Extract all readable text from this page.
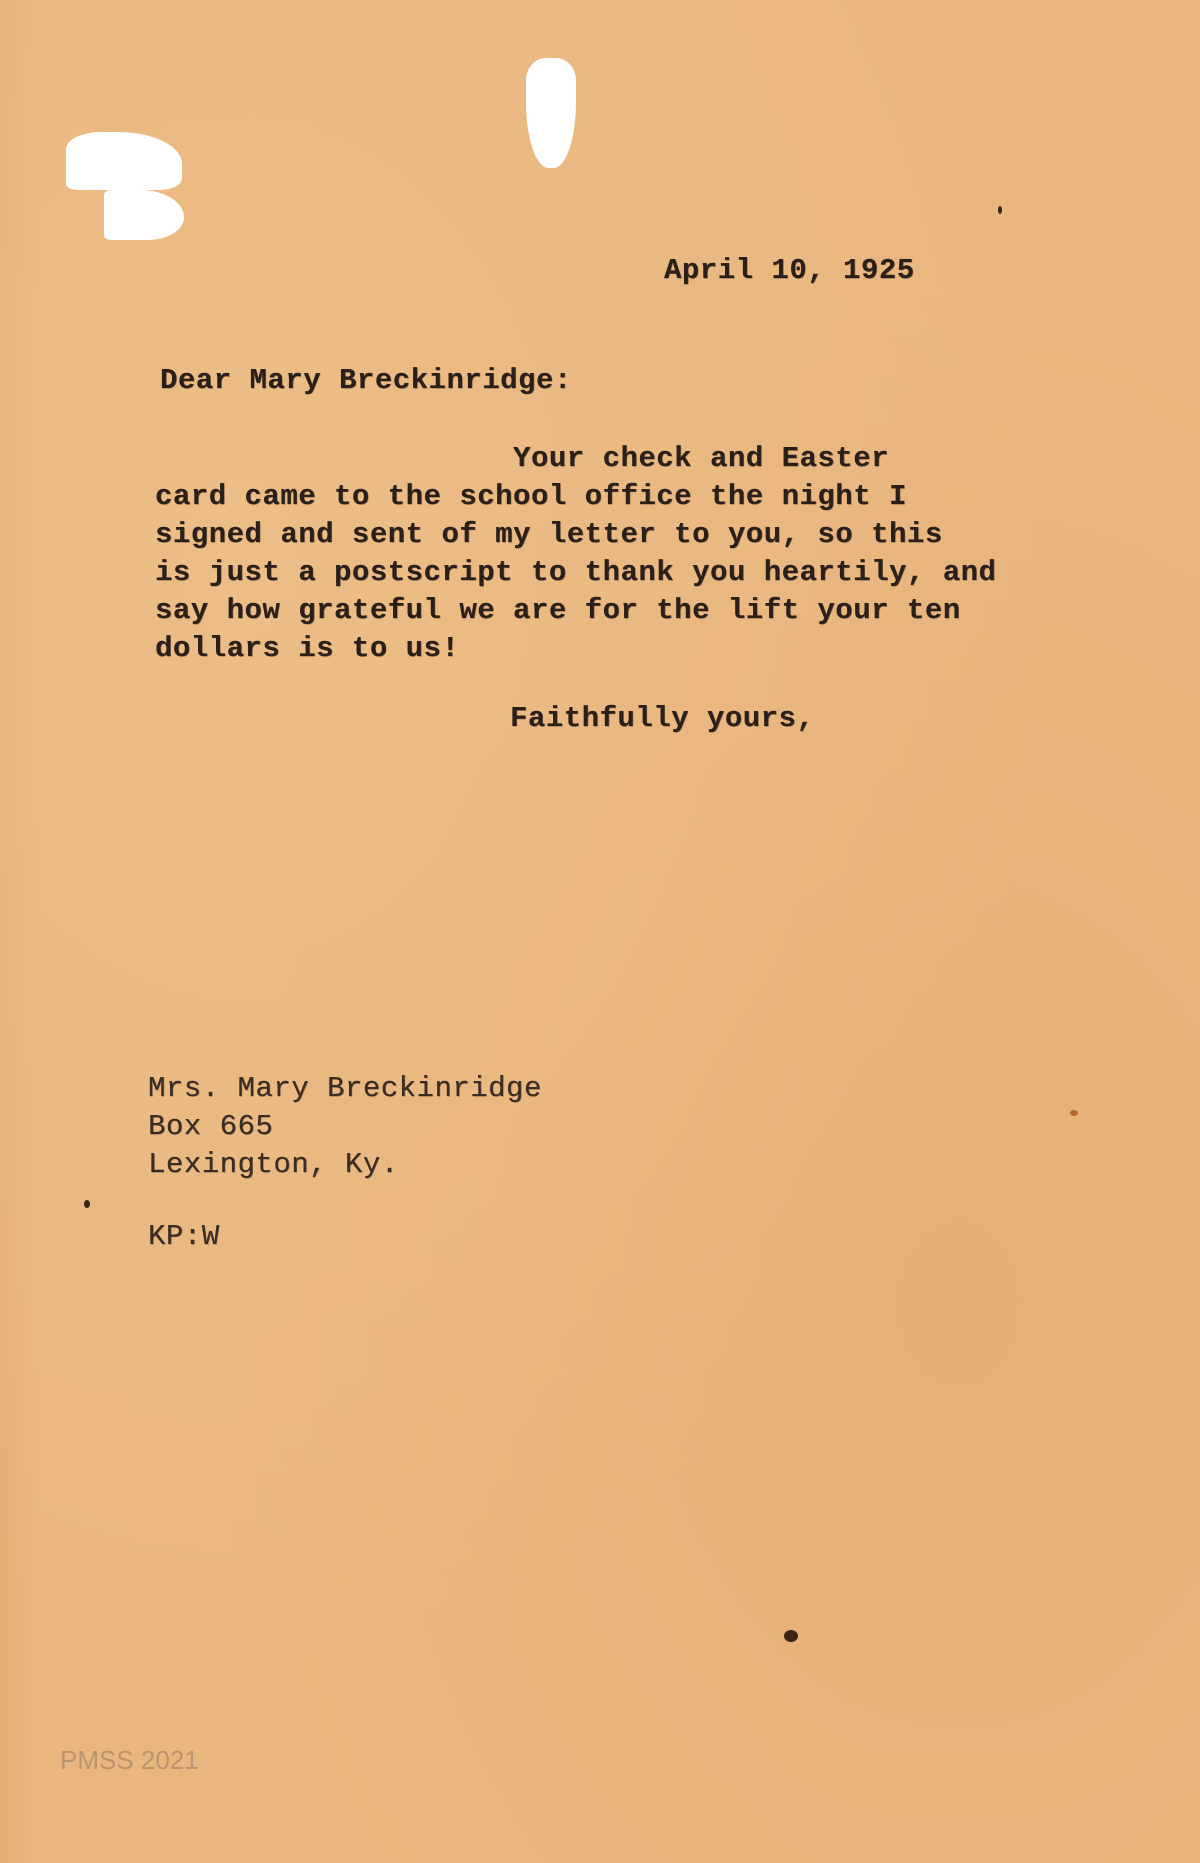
April 10, 1925
Dear Mary Breckinridge:
Your check and Easter
card came to the school office the night I
signed and sent of my letter to you, so this
is just a postscript to thank you heartily, and
say how grateful we are for the lift your ten
dollars is to us!
Faithfully yours,
Mrs. Mary Breckinridge
Box 665
Lexington, Ky.
KP:W
PMSS 2021
